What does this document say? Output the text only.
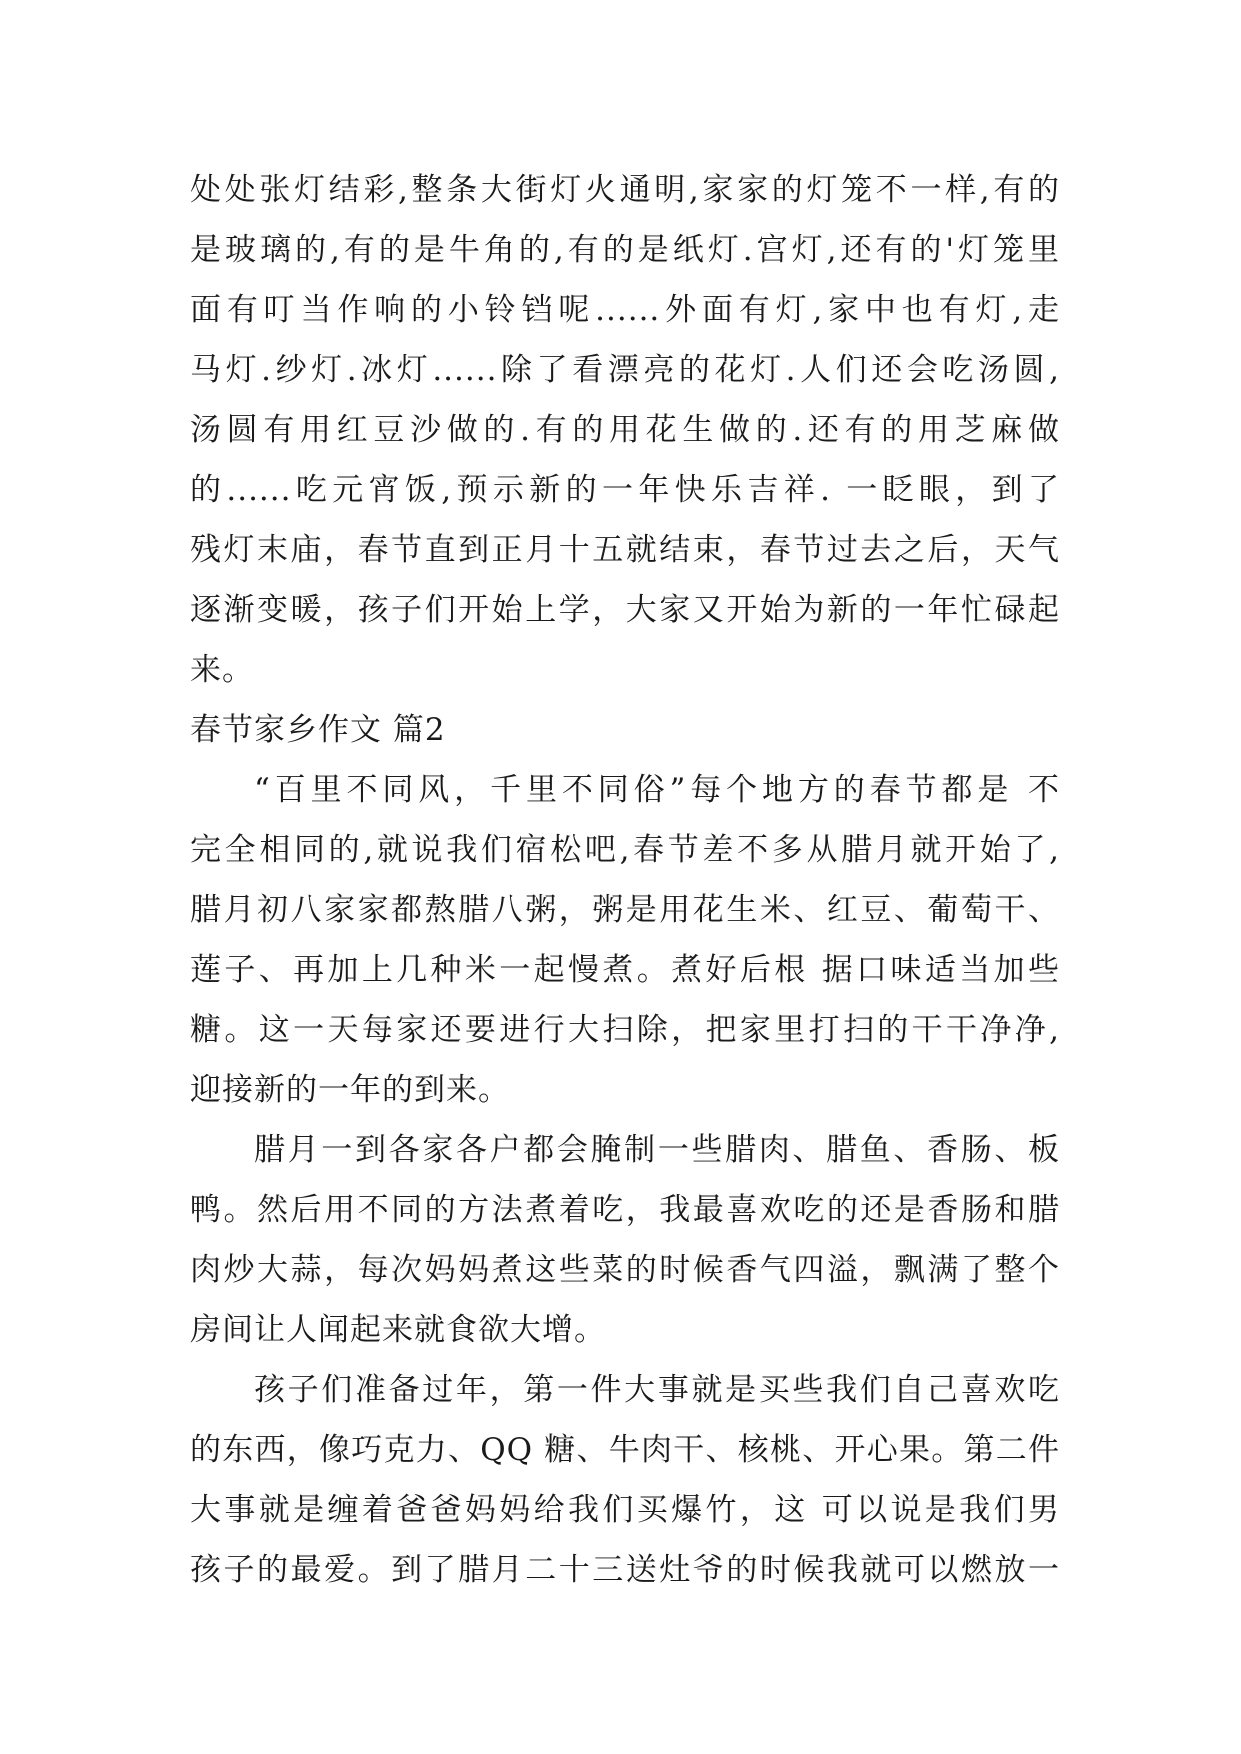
处处张灯结彩,整条大街灯火通明,家家的灯笼不一样,有的
是玻璃的,有的是牛角的,有的是纸灯.宫灯,还有的'灯笼里
面有叮当作响的小铃铛呢......外面有灯,家中也有灯,走
马灯.纱灯.冰灯......除了看漂亮的花灯.人们还会吃汤圆,
汤圆有用红豆沙做的.有的用花生做的.还有的用芝麻做
的......吃元宵饭,预示新的一年快乐吉祥. 一眨眼，到了
残灯末庙，春节直到正月十五就结束，春节过去之后，天气
逐渐变暖，孩子们开始上学，大家又开始为新的一年忙碌起
来。
春节家乡作文 篇2
“百里不同风，千里不同俗”每个地方的春节都是 不
完全相同的,就说我们宿松吧,春节差不多从腊月就开始了,
腊月初八家家都熬腊八粥，粥是用花生米、红豆、葡萄干、
莲子、再加上几种米一起慢煮。煮好后根 据口味适当加些
糖。这一天每家还要进行大扫除，把家里打扫的干干净净,
迎接新的一年的到来。
腊月一到各家各户都会腌制一些腊肉、腊鱼、香肠、板
鸭。然后用不同的方法煮着吃，我最喜欢吃的还是香肠和腊
肉炒大蒜，每次妈妈煮这些菜的时候香气四溢，飘满了整个
房间让人闻起来就食欲大增。
孩子们准备过年，第一件大事就是买些我们自己喜欢吃
的东西，像巧克力、QQ 糖、牛肉干、核桃、开心果。第二件
大事就是缠着爸爸妈妈给我们买爆竹，这 可以说是我们男
孩子的最爱。到了腊月二十三送灶爷的时候我就可以燃放一
